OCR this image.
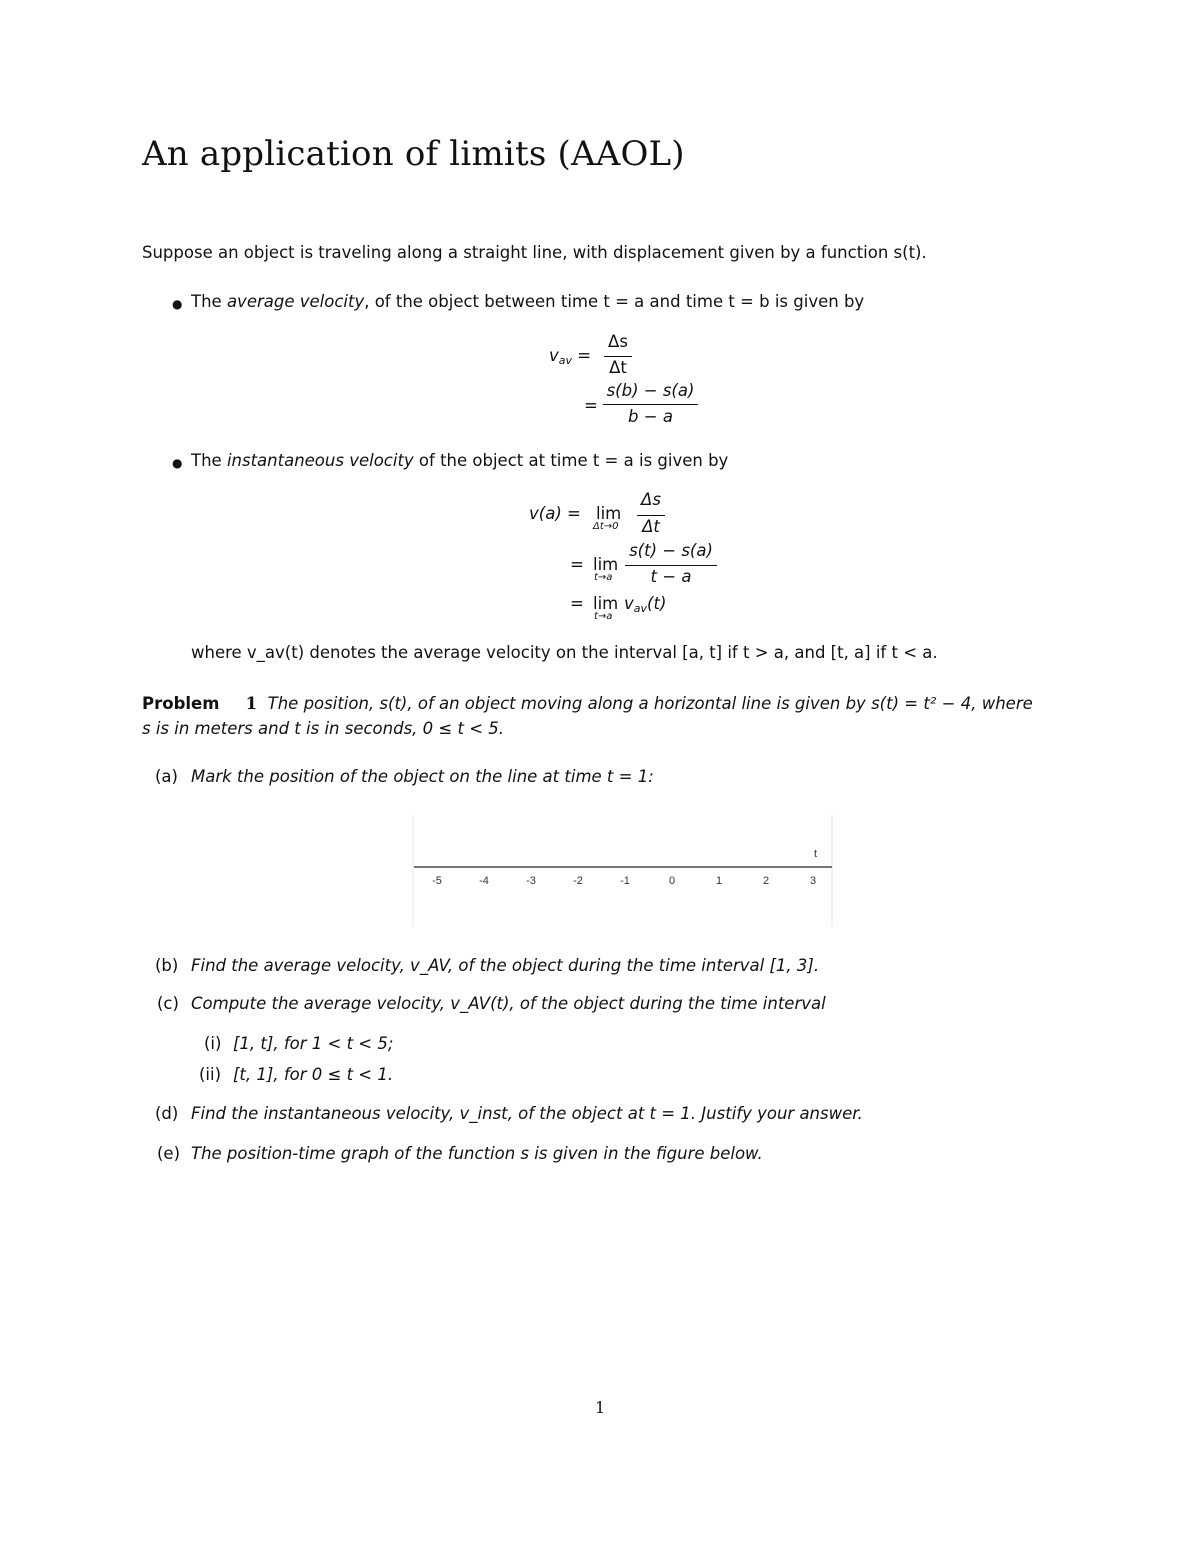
An application of limits (AAOL)
Suppose an object is traveling along a straight line, with displacement given by a function s(t).
● The average velocity, of the object between time t = a and time t = b is given by
$v_{av}$ =
Δs
Δt
=
s(b) − s(a)
b − a
● The instantaneous velocity of the object at time t = a is given by
v(a) = lim
Δt→0
Δs
Δt
= lim
t→a
s(t) − s(a)
t − a
= lim
t→a
$v_{av}(t)$
where v_av(t) denotes the average velocity on the interval [a, t] if t > a, and [t, a] if t < a.
Problem 1 The position, s(t), of an object moving along a horizontal line is given by s(t) = t² − 4, where
s is in meters and t is in seconds, 0 ≤ t < 5.
(a) Mark the position of the object on the line at time t = 1:
-5	-4	-3	-2	-1	0	1	2	3
t
(b) Find the average velocity, v_AV, of the object during the time interval [1, 3].
(c) Compute the average velocity, v_AV(t), of the object during the time interval
(i) [1, t], for 1 < t < 5;
(ii) [t, 1], for 0 ≤ t < 1.
(d) Find the instantaneous velocity, v_inst, of the object at t = 1. Justify your answer.
(e) The position-time graph of the function s is given in the figure below.
1
